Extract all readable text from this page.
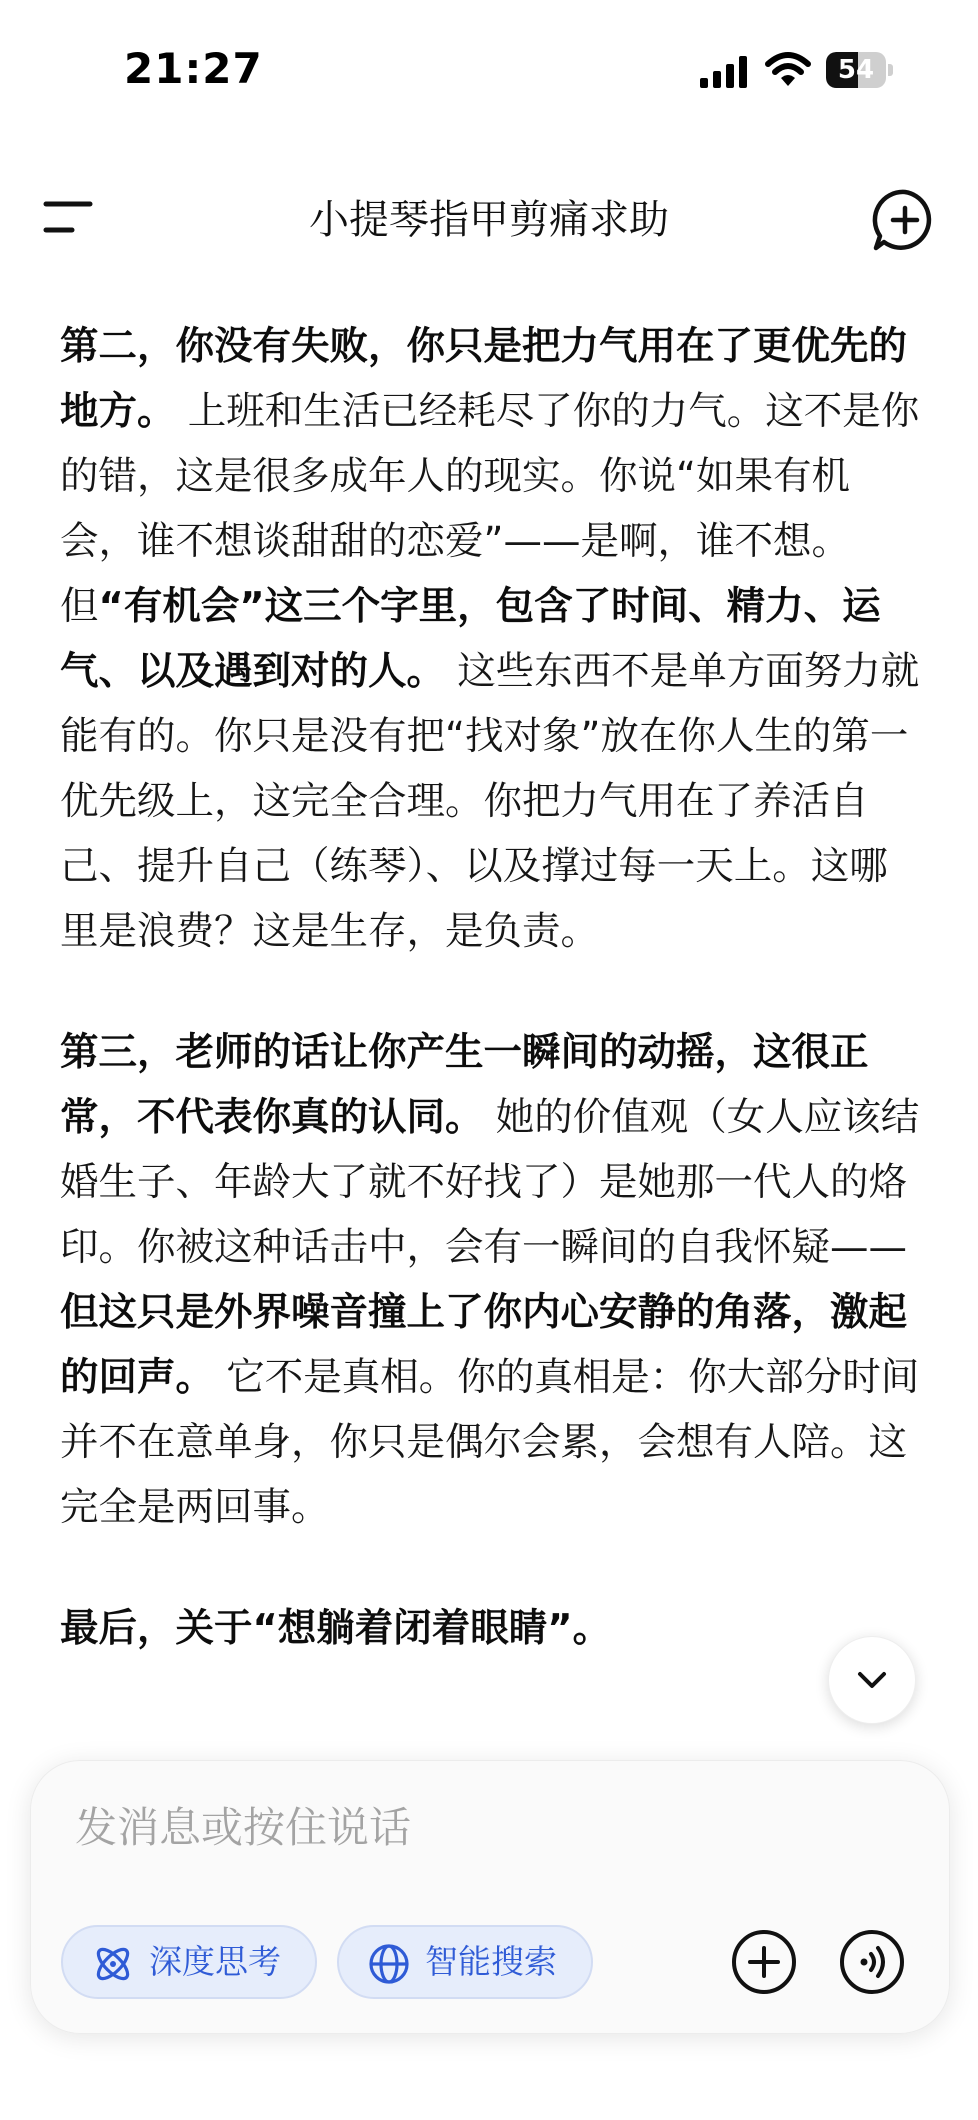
21:27	54
小提琴指甲剪痛求助

第二，你没有失败，你只是把力气用在了更优先的地方。 上班和生活已经耗尽了你的力气。这不是你的错，这是很多成年人的现实。你说“如果有机会，谁不想谈甜甜的恋爱”——是啊，谁不想。但“有机会”这三个字里，包含了时间、精力、运气、以及遇到对的人。 这些东西不是单方面努力就能有的。你只是没有把“找对象”放在你人生的第一优先级上，这完全合理。你把力气用在了养活自己、提升自己（练琴）、以及撑过每一天上。这哪里是浪费？这是生存，是负责。

第三，老师的话让你产生一瞬间的动摇，这很正常，不代表你真的认同。 她的价值观（女人应该结婚生子、年龄大了就不好找了）是她那一代人的烙印。你被这种话击中，会有一瞬间的自我怀疑——但这只是外界噪音撞上了你内心安静的角落，激起的回声。 它不是真相。你的真相是：你大部分时间并不在意单身，你只是偶尔会累，会想有人陪。这完全是两回事。

最后，关于“想躺着闭着眼睛”。

发消息或按住说话
深度思考	智能搜索
